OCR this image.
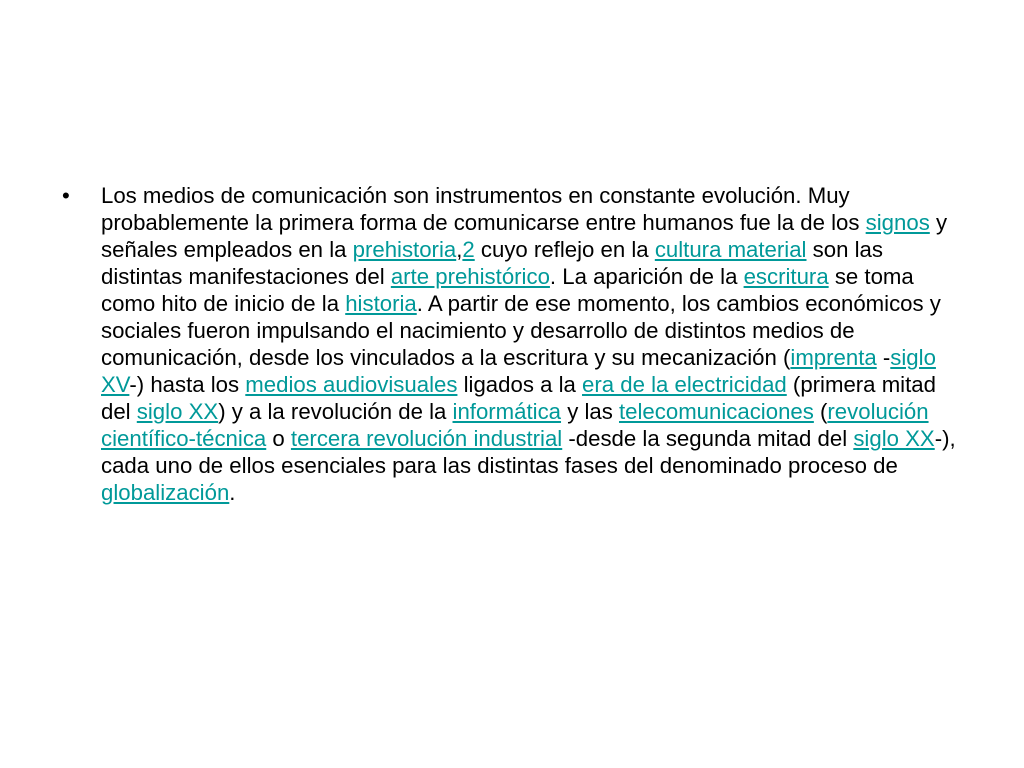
•	Los medios de comunicación son instrumentos en constante evolución. Muy probablemente la primera forma de comunicarse entre humanos fue la de los signos y señales empleados en la prehistoria,2 cuyo reflejo en la cultura material son las distintas manifestaciones del arte prehistórico. La aparición de la escritura se toma como hito de inicio de la historia. A partir de ese momento, los cambios económicos y sociales fueron impulsando el nacimiento y desarrollo de distintos medios de comunicación, desde los vinculados a la escritura y su mecanización (imprenta -siglo XV-) hasta los medios audiovisuales ligados a la era de la electricidad (primera mitad del siglo XX) y a la revolución de la informática y las telecomunicaciones (revolución científico-técnica o tercera revolución industrial -desde la segunda mitad del siglo XX-), cada uno de ellos esenciales para las distintas fases del denominado proceso de globalización.
